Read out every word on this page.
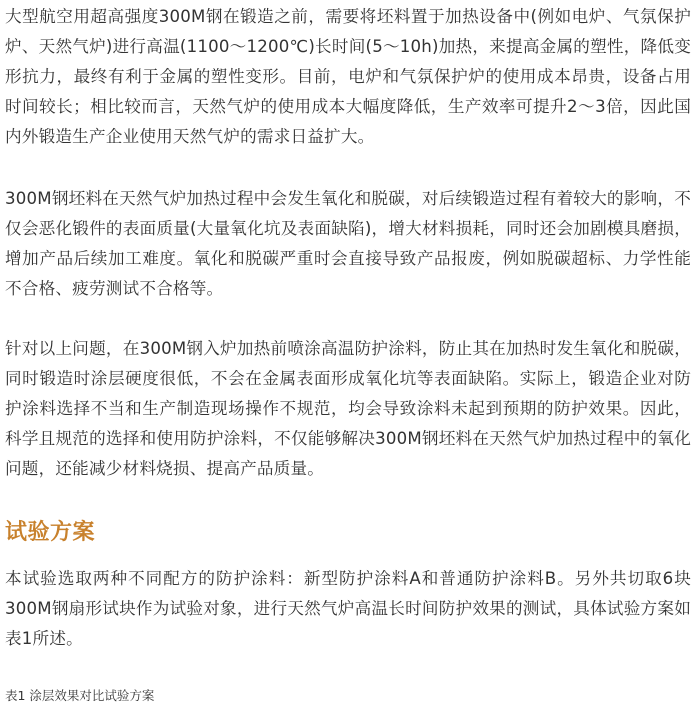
大型航空用超高强度300M钢在锻造之前，需要将坯料置于加热设备中(例如电炉、气氛保护炉、天然气炉)进行高温(1100～1200℃)长时间(5～10h)加热，来提高金属的塑性，降低变形抗力，最终有利于金属的塑性变形。目前，电炉和气氛保护炉的使用成本昂贵，设备占用时间较长；相比较而言，天然气炉的使用成本大幅度降低，生产效率可提升2～3倍，因此国内外锻造生产企业使用天然气炉的需求日益扩大。

300M钢坯料在天然气炉加热过程中会发生氧化和脱碳，对后续锻造过程有着较大的影响，不仅会恶化锻件的表面质量(大量氧化坑及表面缺陷)，增大材料损耗，同时还会加剧模具磨损，增加产品后续加工难度。氧化和脱碳严重时会直接导致产品报废，例如脱碳超标、力学性能不合格、疲劳测试不合格等。

针对以上问题，在300M钢入炉加热前喷涂高温防护涂料，防止其在加热时发生氧化和脱碳，同时锻造时涂层硬度很低，不会在金属表面形成氧化坑等表面缺陷。实际上，锻造企业对防护涂料选择不当和生产制造现场操作不规范，均会导致涂料未起到预期的防护效果。因此，科学且规范的选择和使用防护涂料，不仅能够解决300M钢坯料在天然气炉加热过程中的氧化问题，还能减少材料烧损、提高产品质量。

试验方案

本试验选取两种不同配方的防护涂料：新型防护涂料A和普通防护涂料B。另外共切取6块300M钢扇形试块作为试验对象，进行天然气炉高温长时间防护效果的测试，具体试验方案如表1所述。

表1 涂层效果对比试验方案
